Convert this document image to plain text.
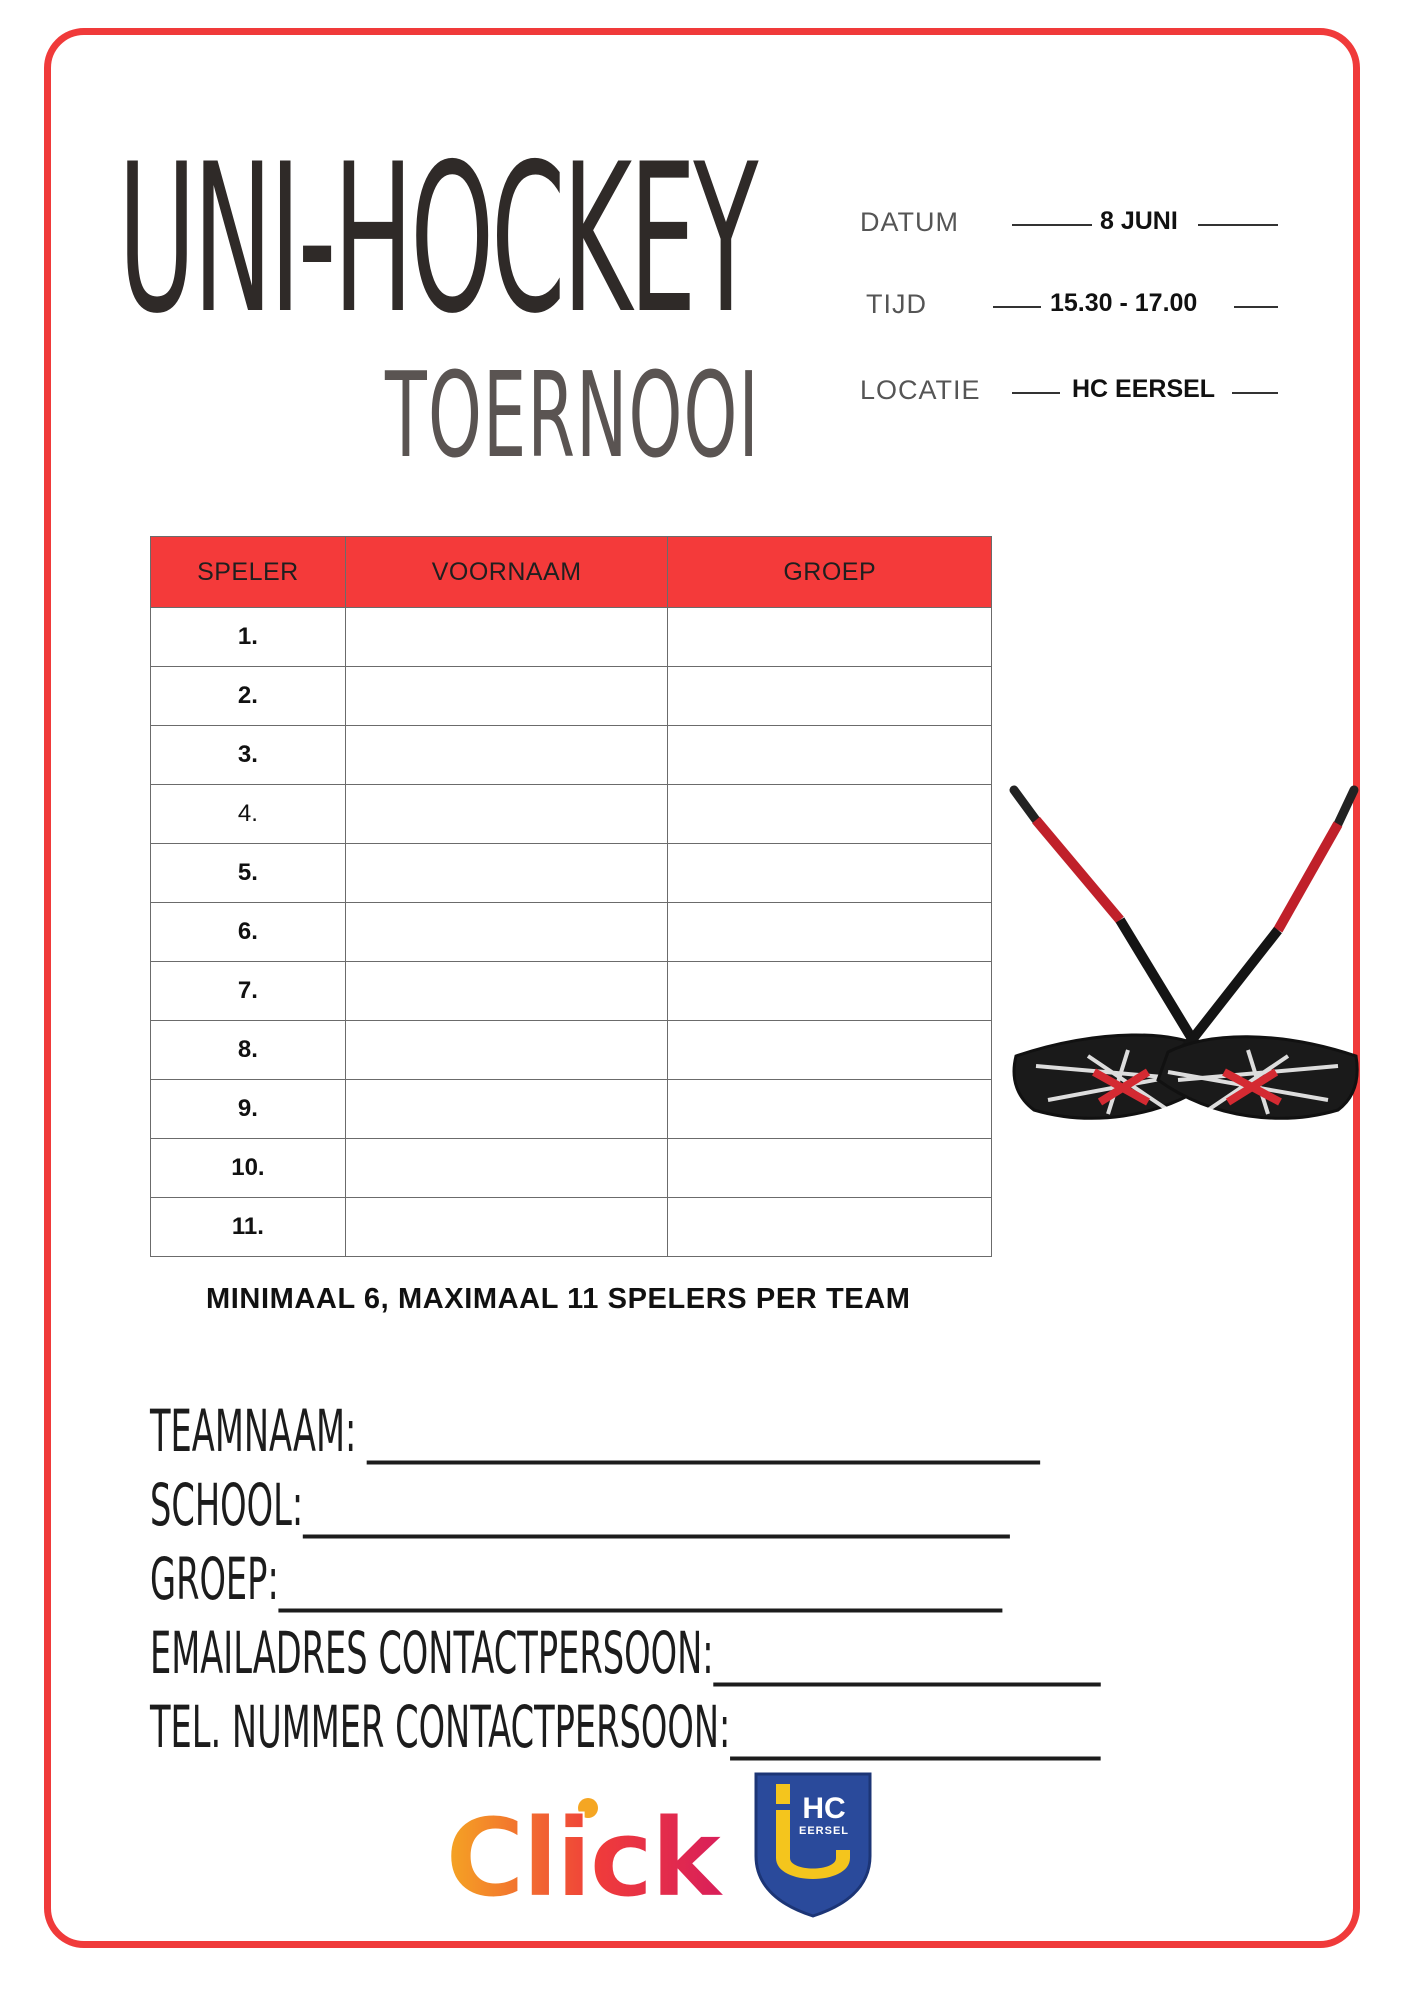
UNI-HOCKEY
TOERNOOI
DATUM	8 JUNI
TIJD	15.30 - 17.00
LOCATIE	HC EERSEL
SPELER	VOORNAAM	GROEP
1.		
2.		
3.		
4.		
5.		
6.		
7.		
8.		
9.		
10.		
11.		
MINIMAAL 6, MAXIMAAL 11 SPELERS PER TEAM
TEAMNAAM: ________________________________________
SCHOOL:__________________________________________
GROEP:___________________________________________
EMAILADRES CONTACTPERSOON:_______________________
TEL. NUMMER CONTACTPERSOON:______________________
Click	HC
EERSEL
